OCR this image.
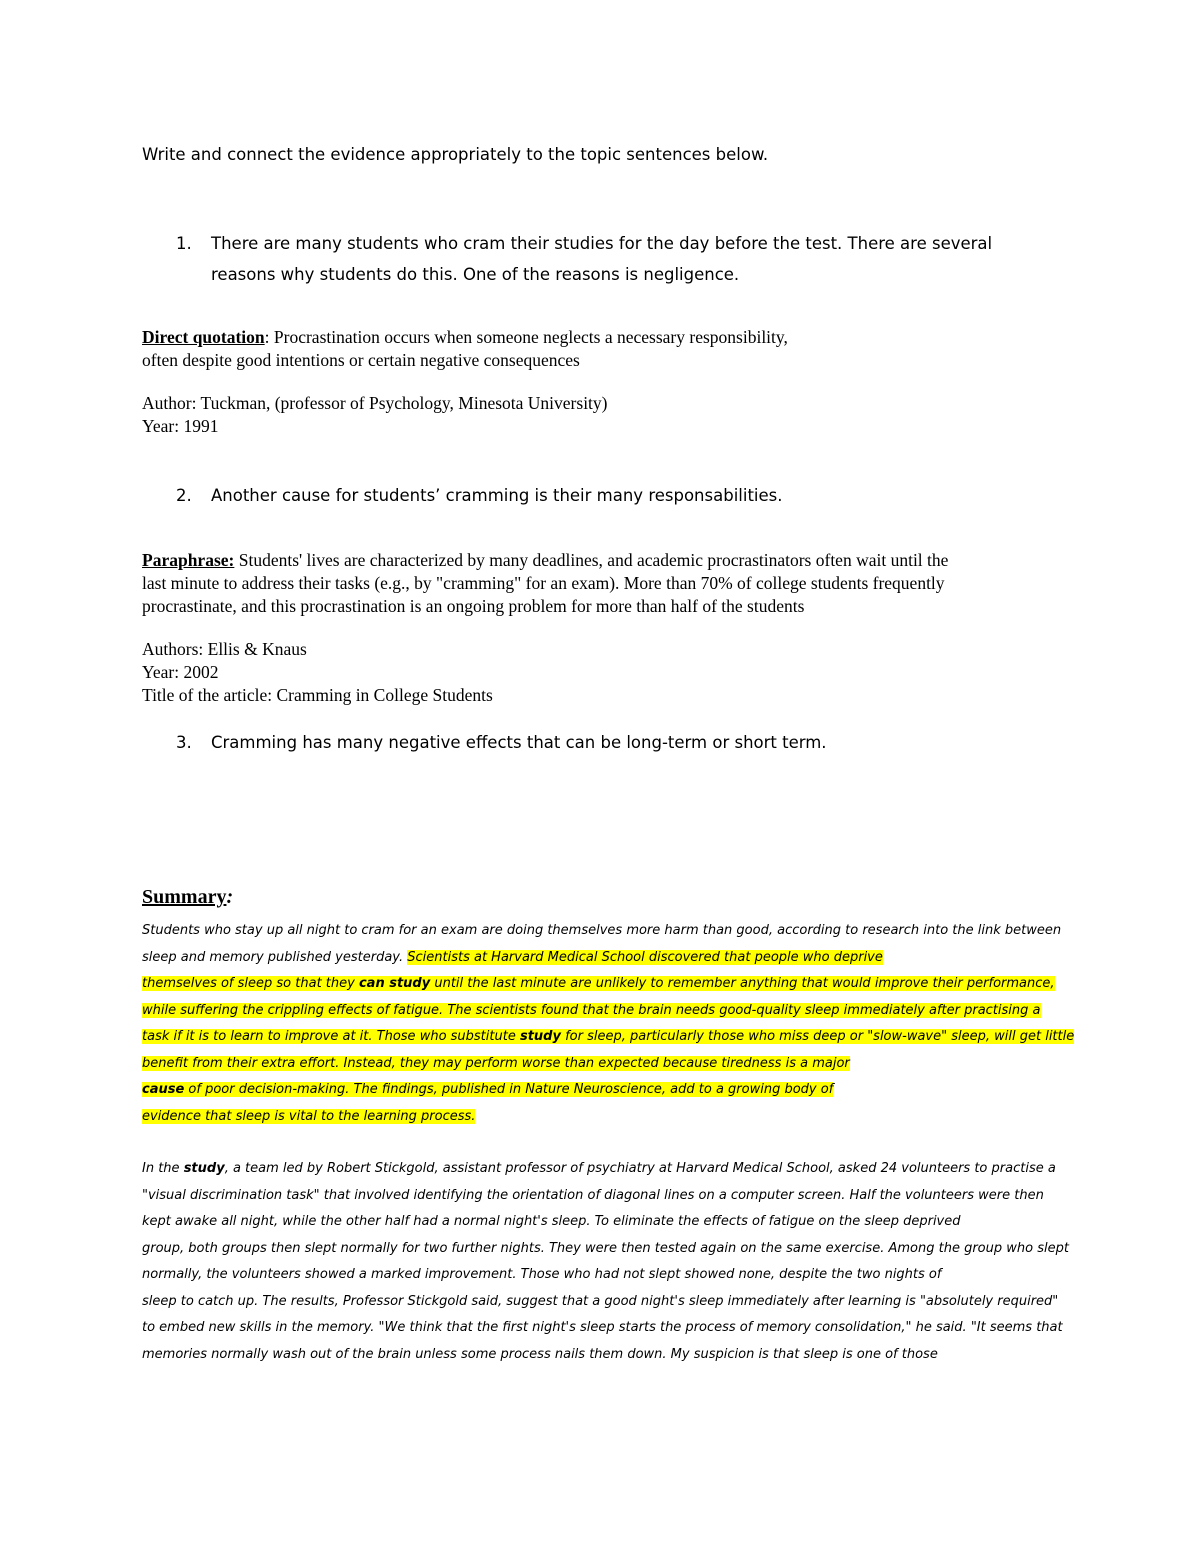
Write and connect the evidence appropriately to the topic sentences below.
1. There are many students who cram their studies for the day before the test. There are several
reasons why students do this. One of the reasons is negligence.
Direct quotation: Procrastination occurs when someone neglects a necessary responsibility,
often despite good intentions or certain negative consequences
Author: Tuckman, (professor of Psychology, Minesota University)
Year: 1991
2. Another cause for students’ cramming is their many responsabilities.
Paraphrase: Students' lives are characterized by many deadlines, and academic procrastinators often wait until the
last minute to address their tasks (e.g., by "cramming" for an exam). More than 70% of college students frequently
procrastinate, and this procrastination is an ongoing problem for more than half of the students
Authors: Ellis & Knaus
Year: 2002
Title of the article: Cramming in College Students
3. Cramming has many negative effects that can be long-term or short term.
Summary:
Students who stay up all night to cram for an exam are doing themselves more harm than good, according to research into the link between
sleep and memory published yesterday. Scientists at Harvard Medical School discovered that people who deprive
themselves of sleep so that they can study until the last minute are unlikely to remember anything that would improve their performance,
while suffering the crippling effects of fatigue. The scientists found that the brain needs good-quality sleep immediately after practising a
task if it is to learn to improve at it. Those who substitute study for sleep, particularly those who miss deep or "slow-wave" sleep, will get little
benefit from their extra effort. Instead, they may perform worse than expected because tiredness is a major
cause of poor decision-making. The findings, published in Nature Neuroscience, add to a growing body of
evidence that sleep is vital to the learning process.
In the study, a team led by Robert Stickgold, assistant professor of psychiatry at Harvard Medical School, asked 24 volunteers to practise a
"visual discrimination task" that involved identifying the orientation of diagonal lines on a computer screen. Half the volunteers were then
kept awake all night, while the other half had a normal night's sleep. To eliminate the effects of fatigue on the sleep deprived
group, both groups then slept normally for two further nights. They were then tested again on the same exercise. Among the group who slept
normally, the volunteers showed a marked improvement. Those who had not slept showed none, despite the two nights of
sleep to catch up. The results, Professor Stickgold said, suggest that a good night's sleep immediately after learning is "absolutely required"
to embed new skills in the memory. "We think that the first night's sleep starts the process of memory consolidation," he said. "It seems that
memories normally wash out of the brain unless some process nails them down. My suspicion is that sleep is one of those
